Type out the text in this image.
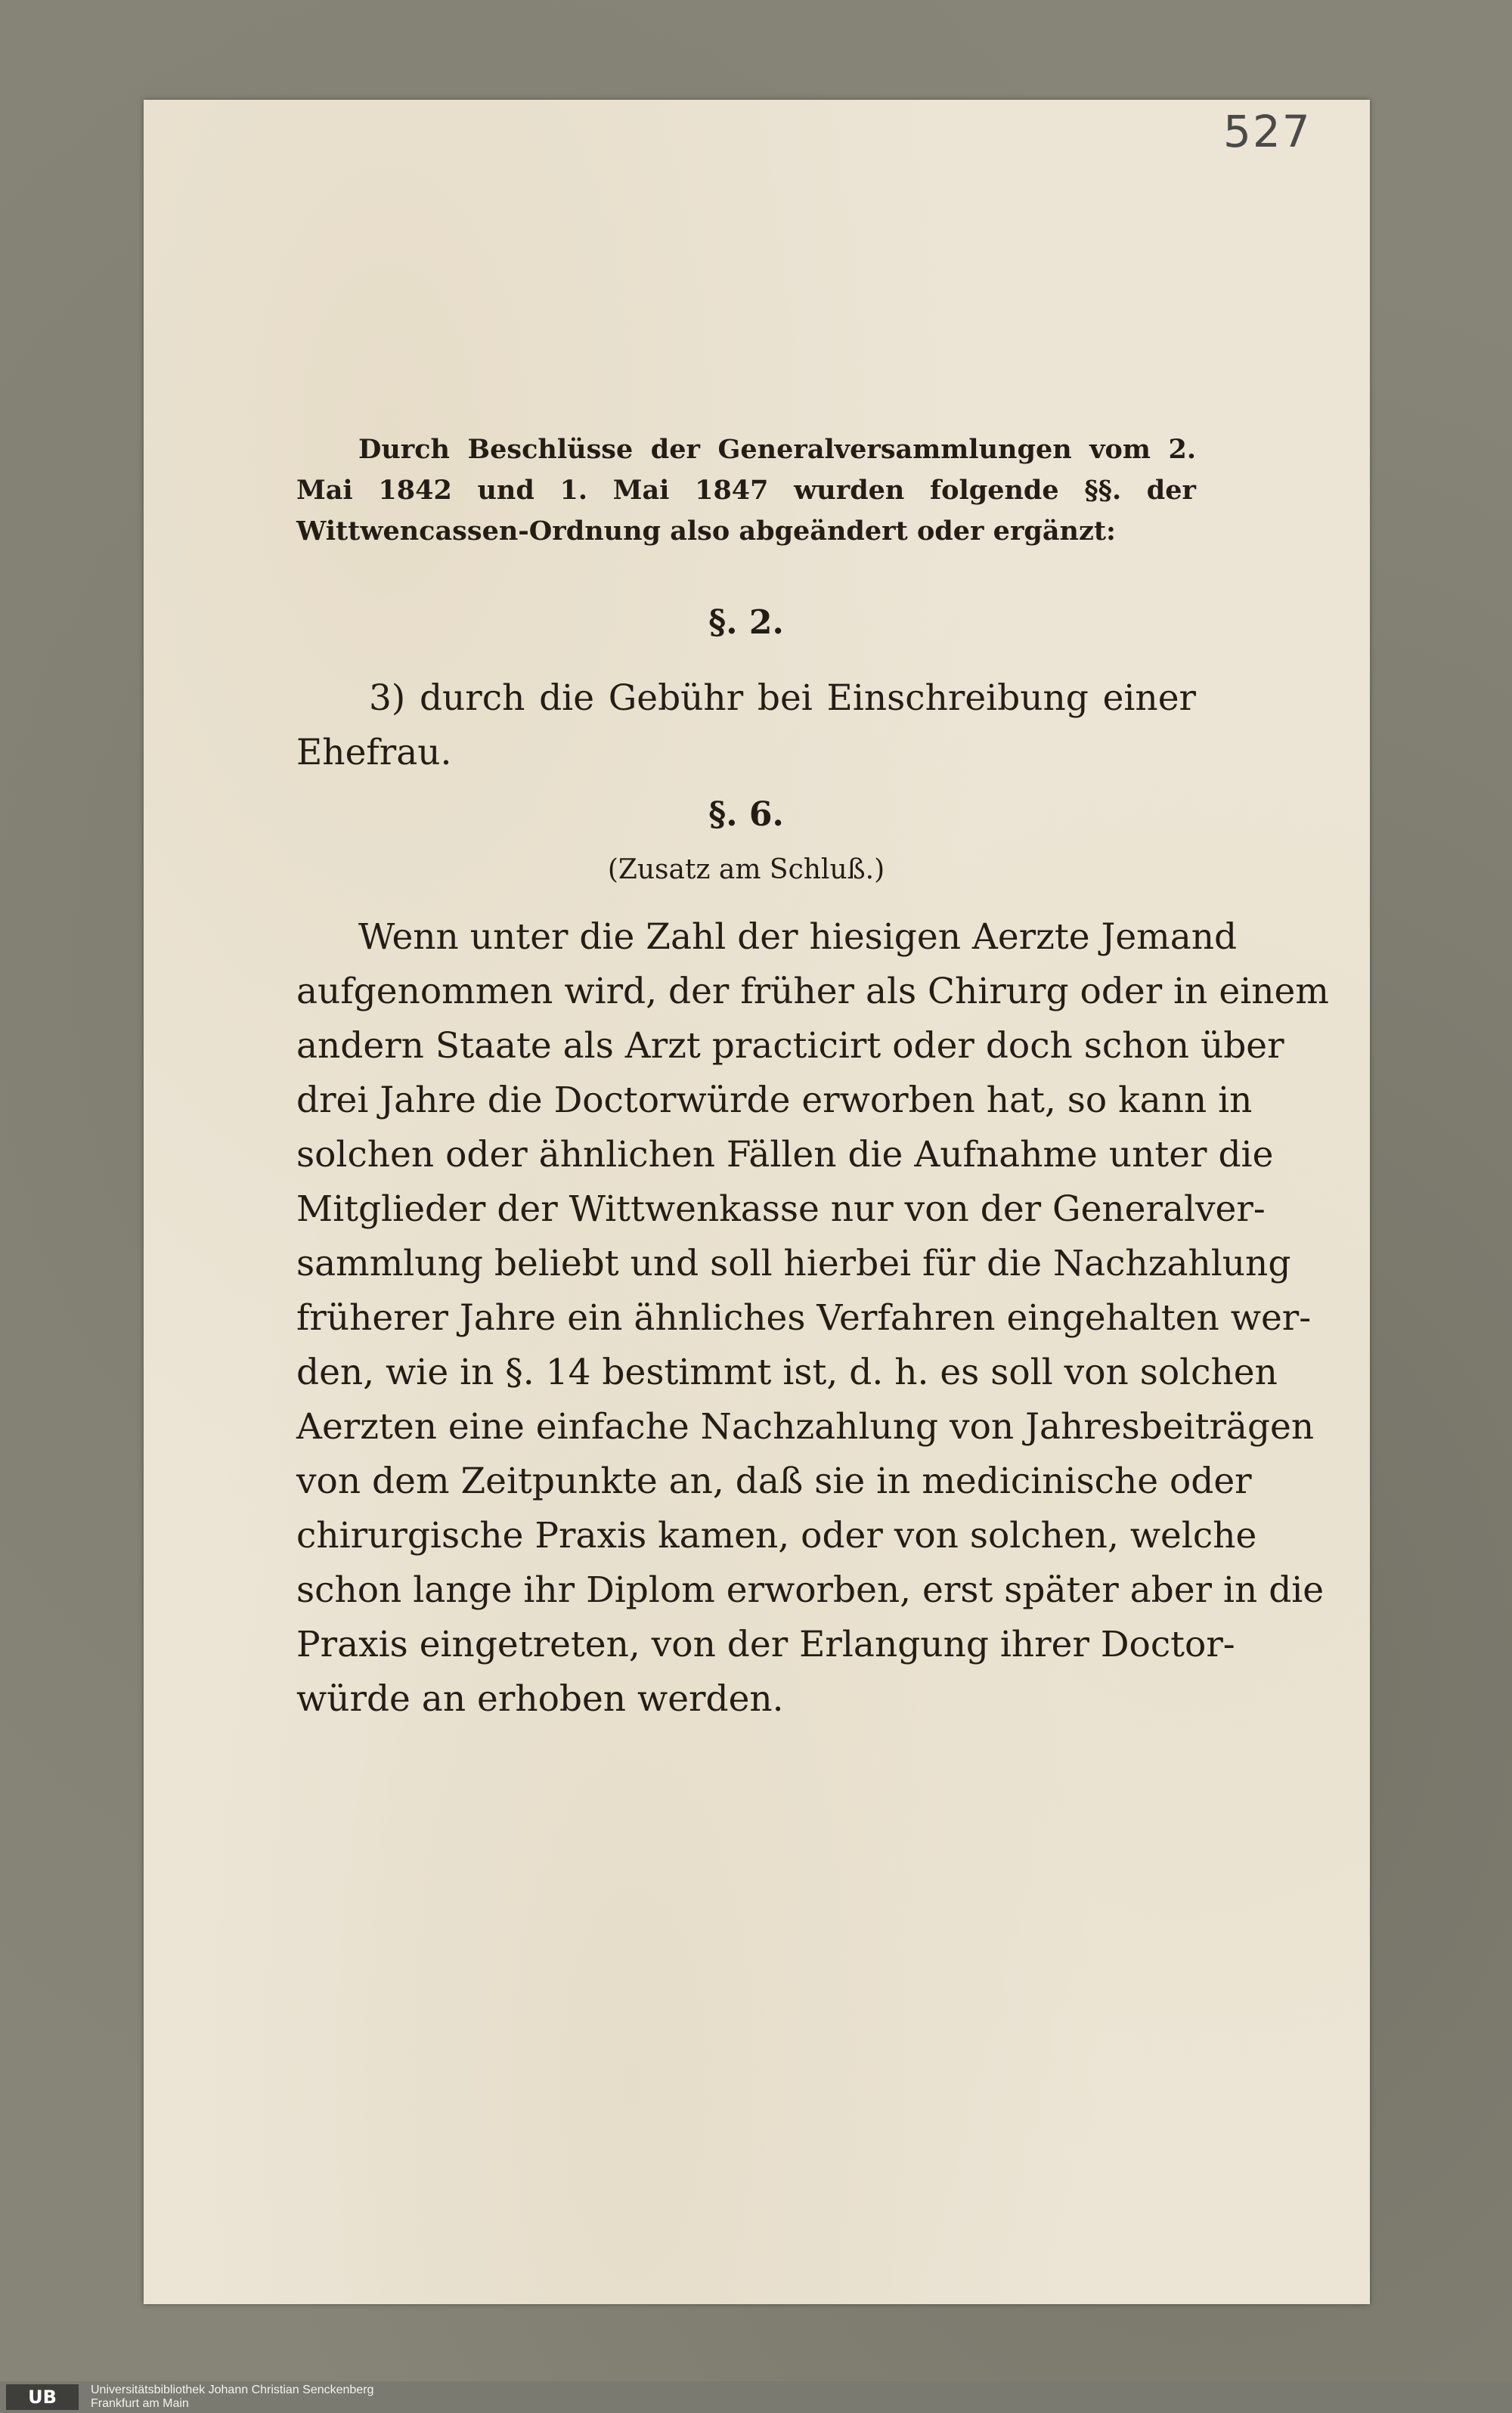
527

Durch Beschlüsse der Generalversammlungen vom 2. Mai 1842 und 1. Mai 1847 wurden folgende §§. der Wittwencassen-Ordnung also abgeändert oder ergänzt:

§. 2.

3) durch die Gebühr bei Einschreibung einer Ehefrau.

§. 6.

(Zusatz am Schluß.)

Wenn unter die Zahl der hiesigen Aerzte Jemand

aufgenommen wird, der früher als Chirurg oder in einem

andern Staate als Arzt practicirt oder doch schon über

drei Jahre die Doctorwürde erworben hat, so kann in

solchen oder ähnlichen Fällen die Aufnahme unter die

Mitglieder der Wittwenkasse nur von der Generalver-

sammlung beliebt und soll hierbei für die Nachzahlung

früherer Jahre ein ähnliches Verfahren eingehalten wer-

den, wie in §. 14 bestimmt ist, d. h. es soll von solchen

Aerzten eine einfache Nachzahlung von Jahresbeiträgen

von dem Zeitpunkte an, daß sie in medicinische oder

chirurgische Praxis kamen, oder von solchen, welche

schon lange ihr Diplom erworben, erst später aber in die

Praxis eingetreten, von der Erlangung ihrer Doctor-

würde an erhoben werden.

UB	Universitätsbibliothek Johann Christian Senckenberg
Frankfurt am Main
